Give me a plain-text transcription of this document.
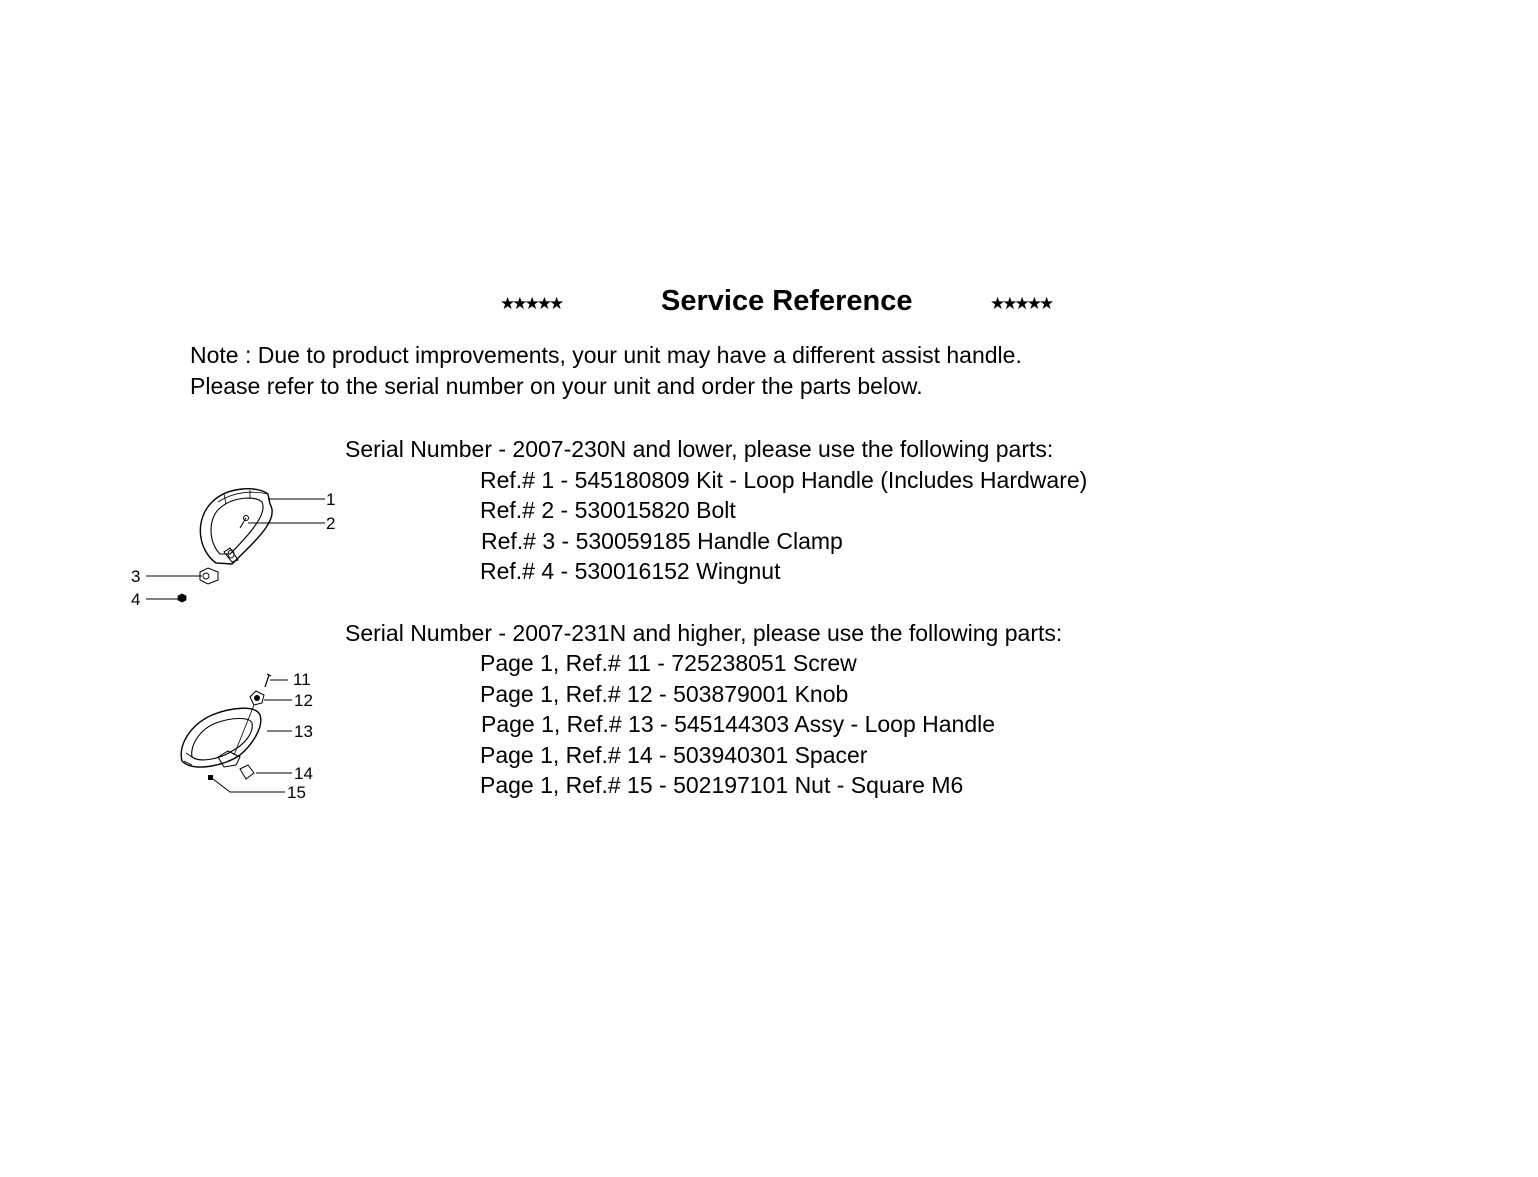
★★★★★	Service Reference	★★★★★
Note : Due to product improvements, your unit may have a different assist handle.
Please refer to the serial number on your unit and order the parts below.
Serial Number - 2007-230N and lower, please use the following parts:
Ref.# 1 - 545180809 Kit - Loop Handle (Includes Hardware)
Ref.# 2 - 530015820 Bolt
Ref.# 3 - 530059185 Handle Clamp
Ref.# 4 - 530016152 Wingnut
Serial Number - 2007-231N and higher, please use the following parts:
Page 1, Ref.# 11 - 725238051 Screw
Page 1, Ref.# 12 - 503879001 Knob
Page 1, Ref.# 13 - 545144303 Assy - Loop Handle
Page 1, Ref.# 14 - 503940301 Spacer
Page 1, Ref.# 15 - 502197101 Nut - Square M6
1
2
3
4
11
12
13
14
15
